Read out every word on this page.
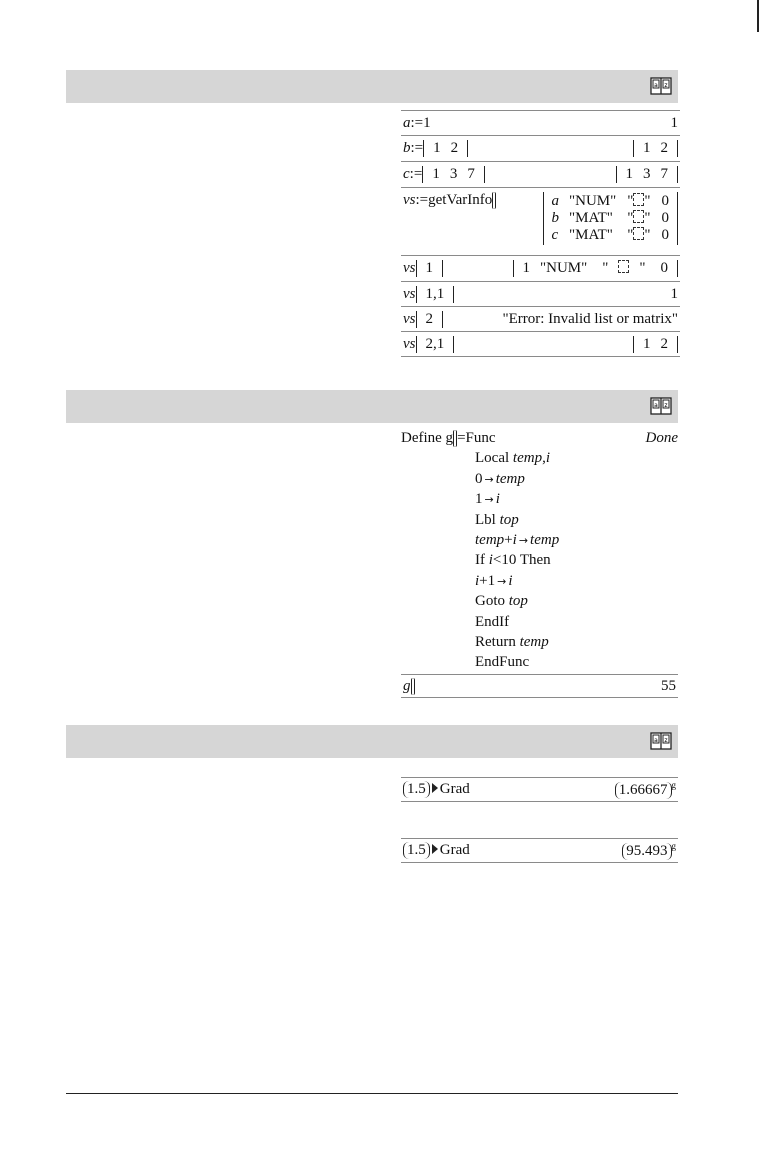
a z
a:=1	1
b:= 1 2	1 2
c:= 1 3 7	1 3 7
vs:=getVarInfo	a	"NUM"	" "	0
b	"MAT"	" "	0
c	"MAT"	" "	0
vs 1	1 "NUM" " " 0
vs 1,1	1
vs 2	"Error: Invalid list or matrix"
vs 2,1	1 2
a z
Define g =Func	Done
Local temp,i
0 → temp
1 → i
Lbl top
temp+i → temp
If i<10 Then
i+1 → i
Goto top
EndIf
Return temp
EndFunc
g	55
a z
1.5 Grad	1.66667 $^g$
1.5 Grad	95.493 $^g$
